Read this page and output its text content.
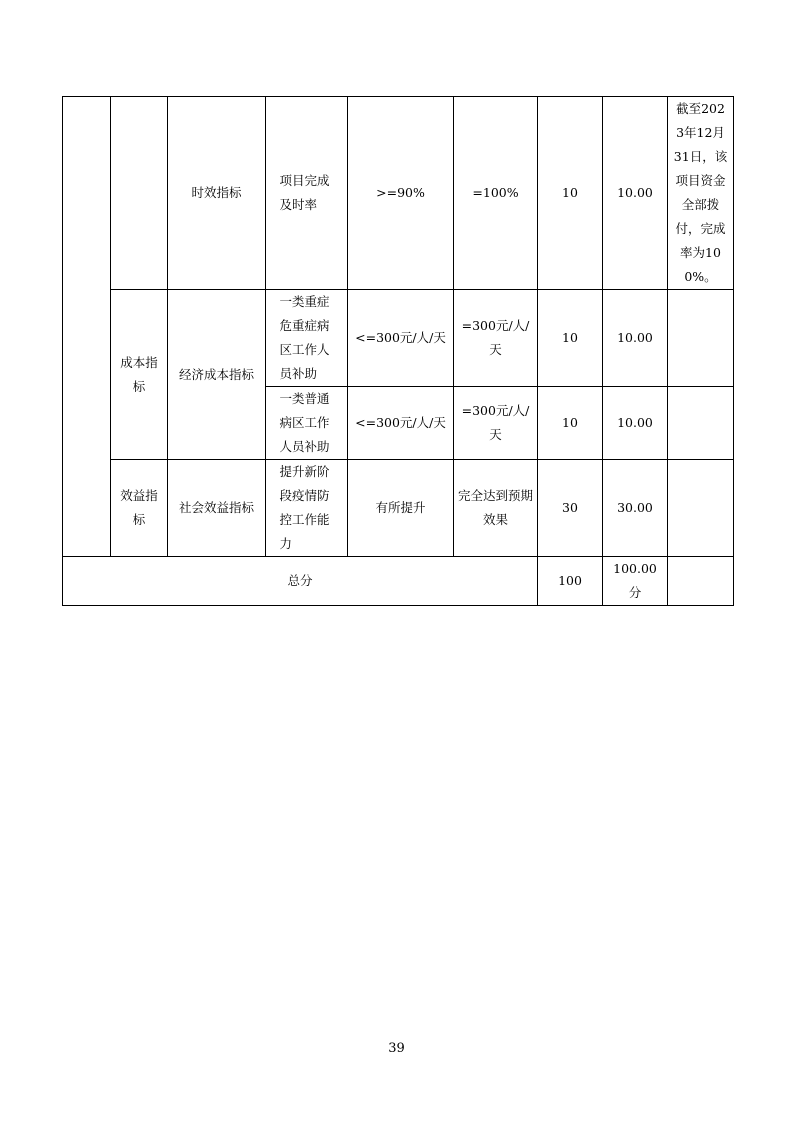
		时效指标	项目完成及时率	>=90%	=100%	10	10.00	截至2023年12月31日，该项目资金全部拨付，完成率为100%。

	成本指标	经济成本指标	一类重症危重症病区工作人员补助	<=300元/人/天	=300元/人/天	10	10.00	

			一类普通病区工作人员补助	<=300元/人/天	=300元/人/天	10	10.00	

	效益指标	社会效益指标	提升新阶段疫情防控工作能力	有所提升	完全达到预期效果	30	30.00	
总分						100	100.00分	

39
